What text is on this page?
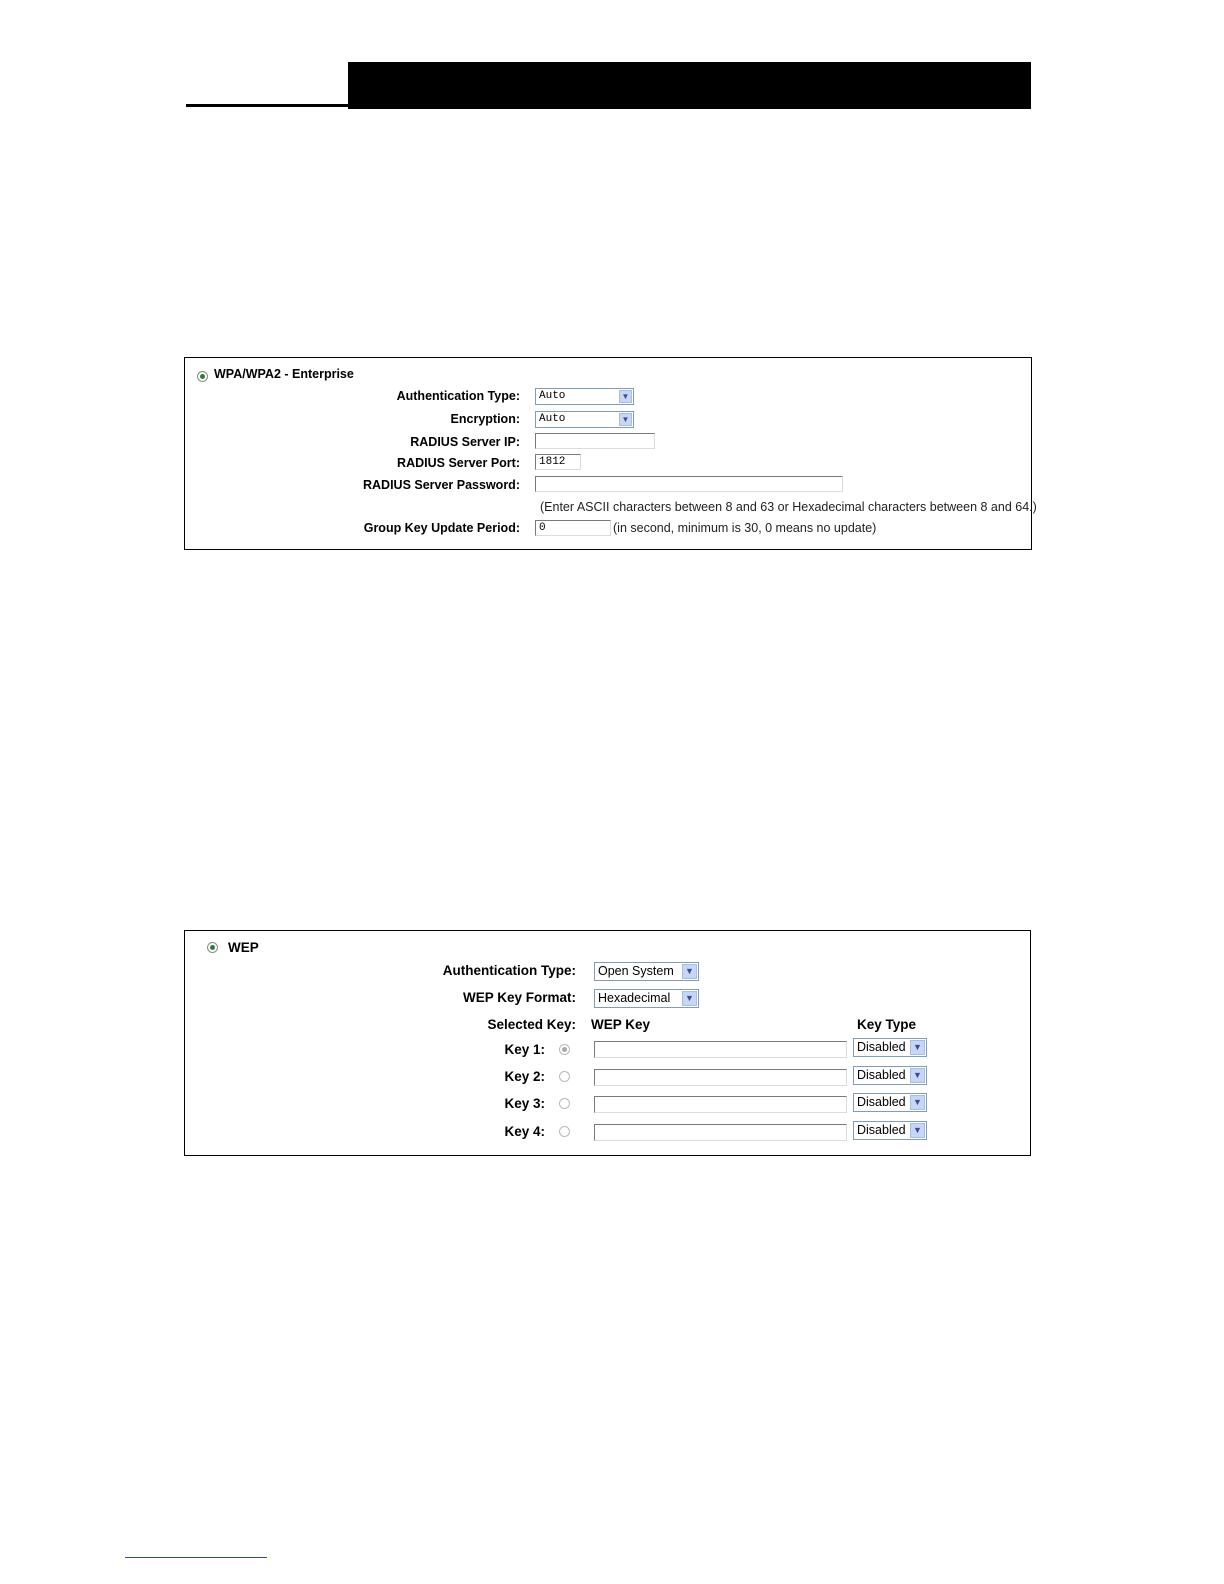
WPA/WPA2 - Enterprise
Authentication Type: Auto	▼
Encryption: Auto	▼
RADIUS Server IP:
RADIUS Server Port: 1812
RADIUS Server Password:
(Enter ASCII characters between 8 and 63 or Hexadecimal characters between 8 and 64.)
Group Key Update Period: 0	(in second, minimum is 30, 0 means no update)
WEP
Authentication Type: Open System	▼
WEP Key Format: Hexadecimal	▼
Selected Key: WEP Key	Key Type
Key 1:	Disabled ▼
Key 2:	Disabled ▼
Key 3:	Disabled ▼
Key 4:	Disabled ▼
